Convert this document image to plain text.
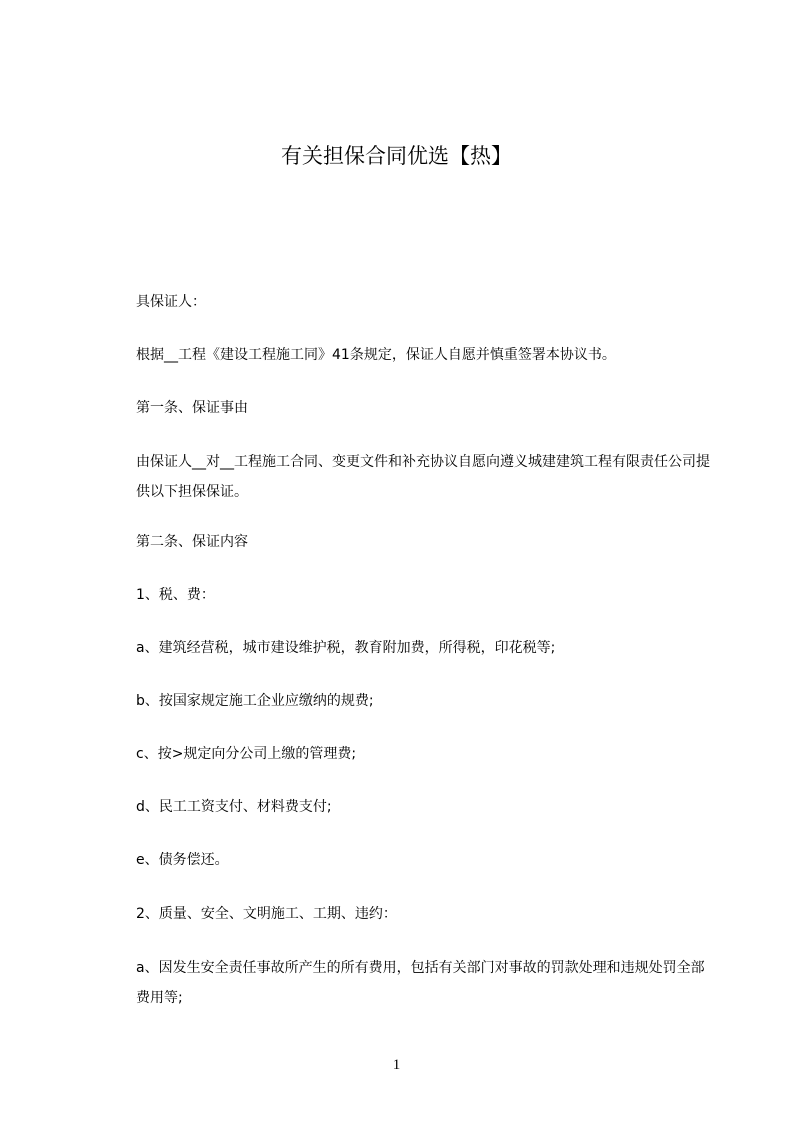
有关担保合同优选【热】

具保证人：

根据__工程《建设工程施工同》41条规定，保证人自愿并慎重签署本协议书。

第一条、保证事由

由保证人__对__工程施工合同、变更文件和补充协议自愿向遵义城建建筑工程有限责任公司提供以下担保保证。

第二条、保证内容

1、税、费：

a、建筑经营税，城市建设维护税，教育附加费，所得税，印花税等;

b、按国家规定施工企业应缴纳的规费;

c、按>规定向分公司上缴的管理费;

d、民工工资支付、材料费支付;

e、债务偿还。

2、质量、安全、文明施工、工期、违约：

a、因发生安全责任事故所产生的所有费用，包括有关部门对事故的罚款处理和违规处罚全部费用等;

1
